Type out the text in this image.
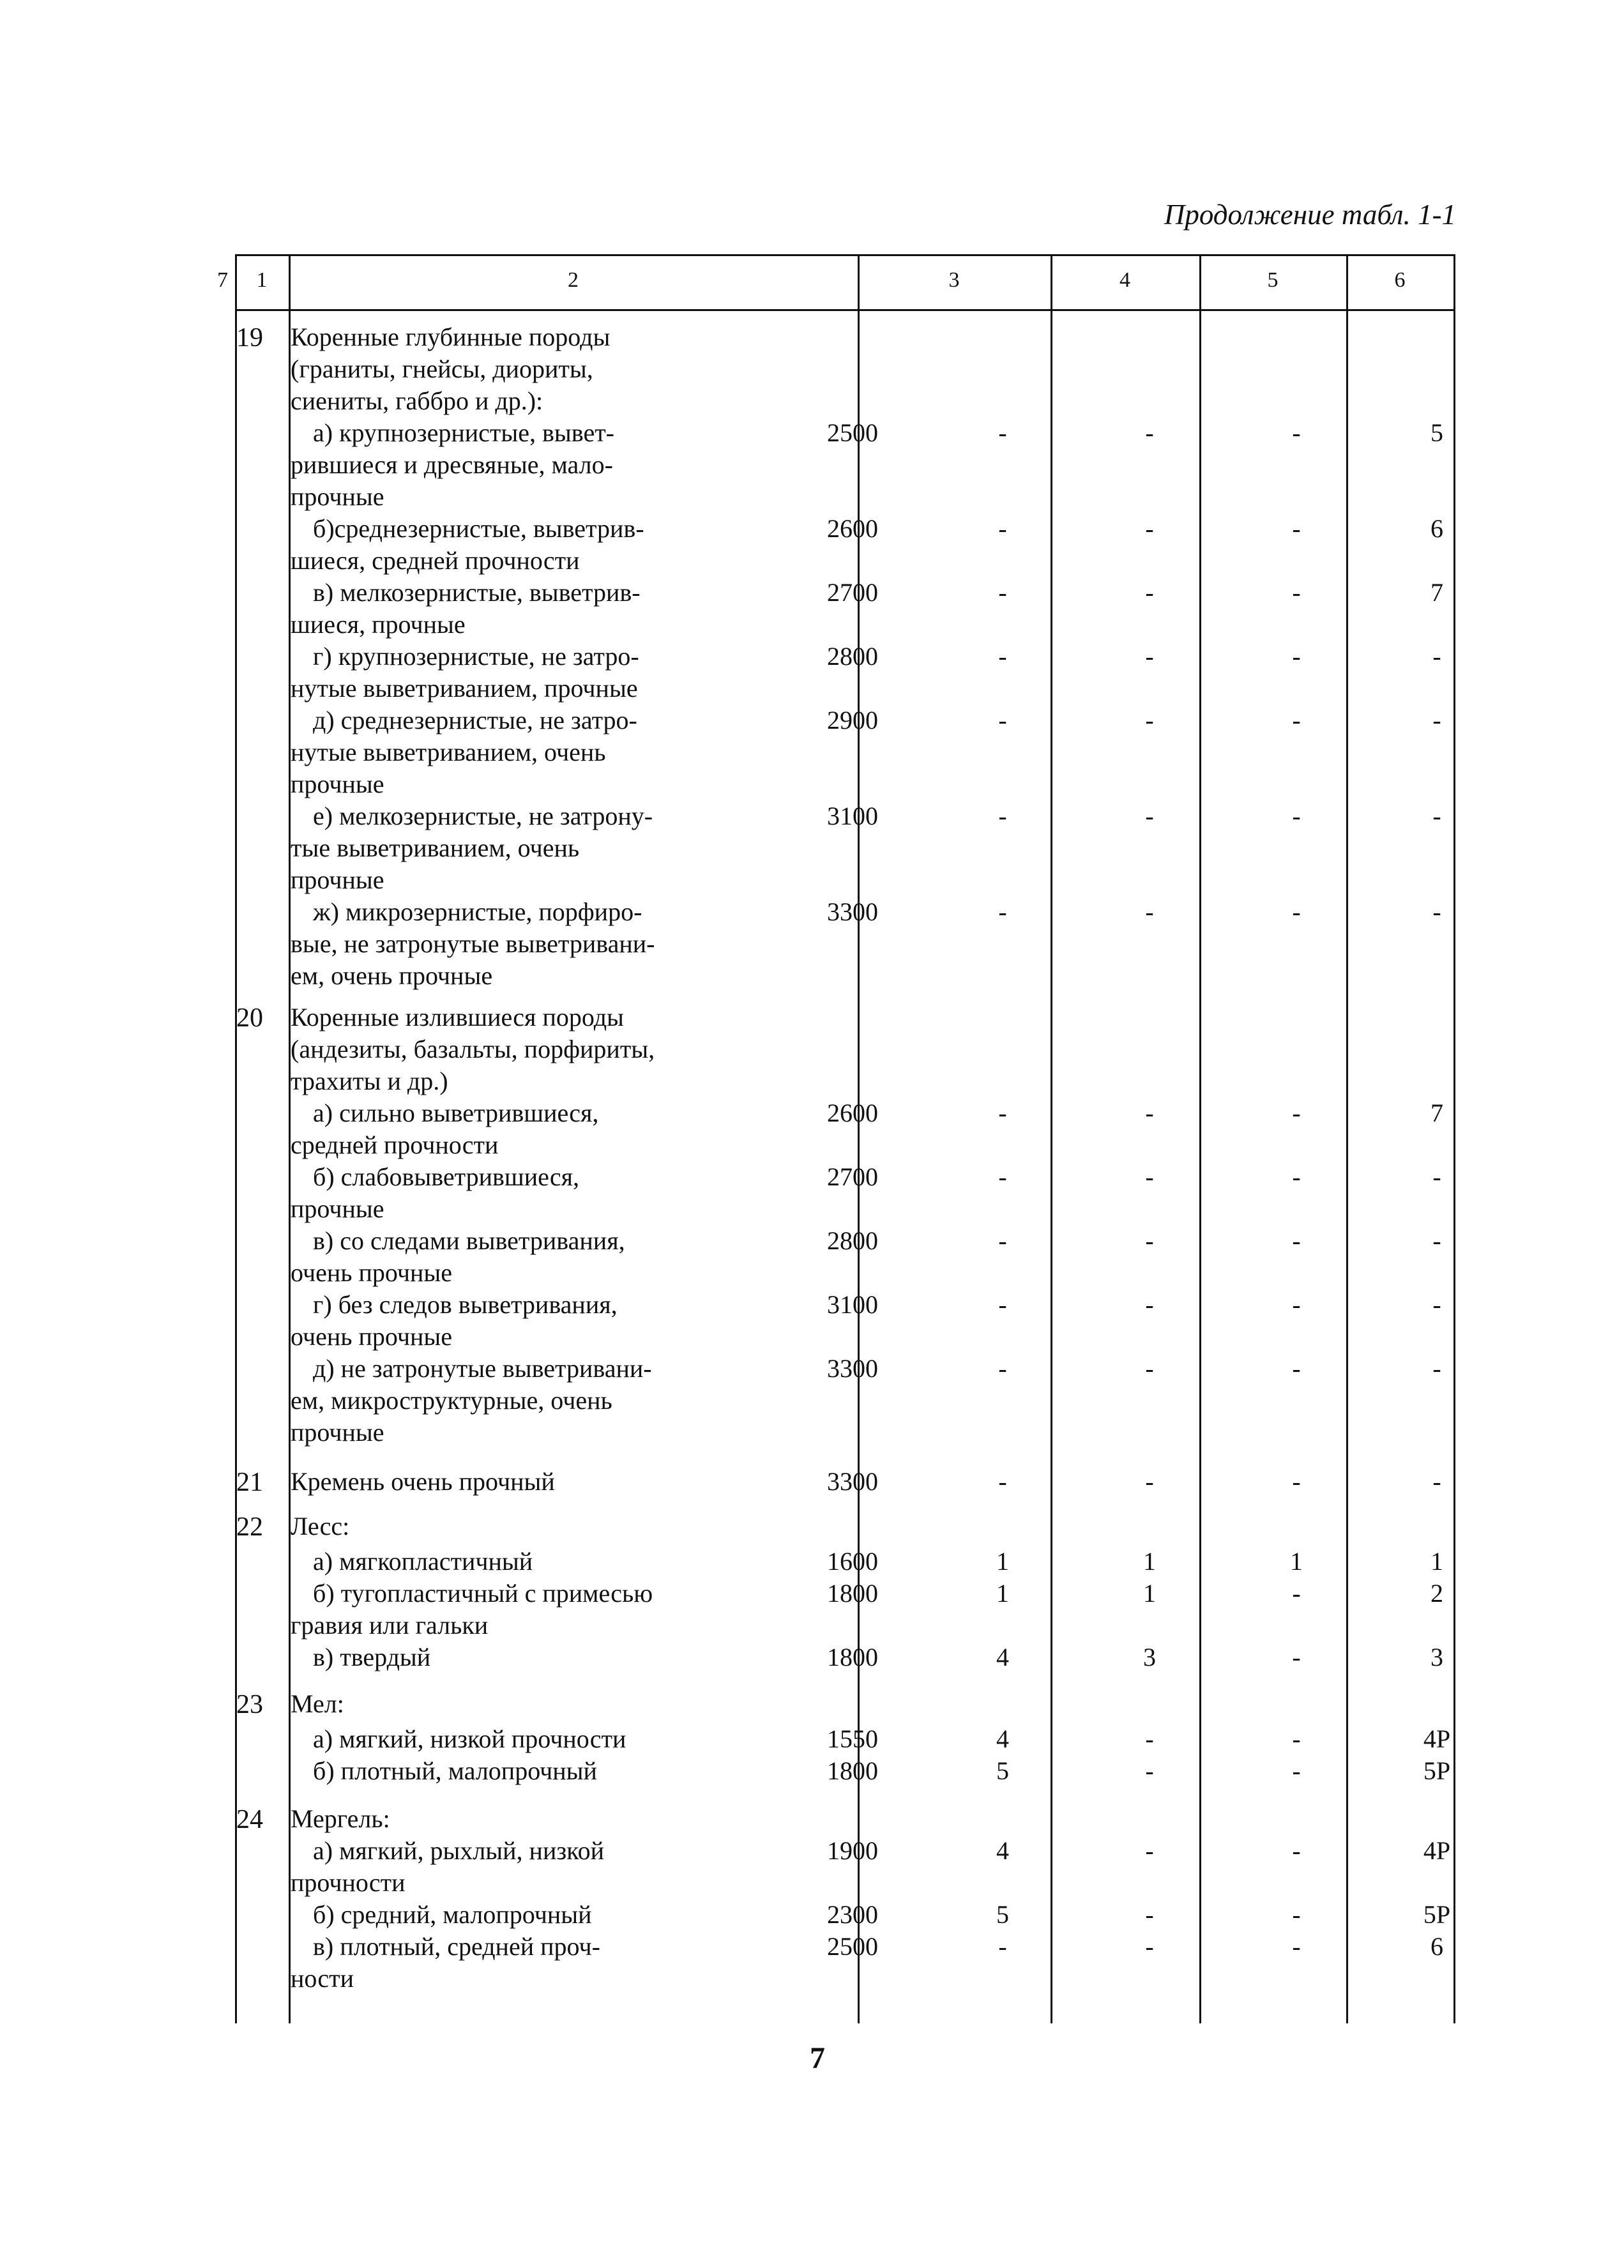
Продолжение табл. 1-1
1	2	3	4	5	6
7
19	Коренные глубинные породы
(граниты, гнейсы, диориты,
сиениты, габбро и др.):
а) крупнозернистые, вывет-
рившиеся и дресвяные, мало-
прочные
2500	-	-	-	5
б)среднезернистые, выветрив-
шиеся, средней прочности
2600	-	-	-	6
в) мелкозернистые, выветрив-
шиеся, прочные
2700	-	-	-	7
г) крупнозернистые, не затро-
нутые выветриванием, прочные
2800	-	-	-	-
д) среднезернистые, не затро-
нутые выветриванием, очень
прочные
2900	-	-	-	-
е) мелкозернистые, не затрону-
тые выветриванием, очень
прочные
3100	-	-	-	-
ж) микрозернистые, порфиро-
вые, не затронутые выветривани-
ем, очень прочные
3300	-	-	-	-
20	Коренные излившиеся породы
(андезиты, базальты, порфириты,
трахиты и др.)
а) сильно выветрившиеся,
средней прочности
2600	-	-	-	7
б) слабовыветрившиеся,
прочные
2700	-	-	-	-
в) со следами выветривания,
очень прочные
2800	-	-	-	-
г) без следов выветривания,
очень прочные
3100	-	-	-	-
д) не затронутые выветривани-
ем, микроструктурные, очень
прочные
3300	-	-	-	-
21	Кремень очень прочный	3300	-	-	-	-
22	Лесс:
а) мягкопластичный	1600	1	1	1	1
б) тугопластичный с примесью
гравия или гальки
1800	1	1	-	2
в) твердый	1800	4	3	-	3
23	Мел:
а) мягкий, низкой прочности	1550	4	-	-	4Р
б) плотный, малопрочный	1800	5	-	-	5Р
24	Мергель:
а) мягкий, рыхлый, низкой
прочности
1900	4	-	-	4Р
б) средний, малопрочный	2300	5	-	-	5Р
в) плотный, средней проч-
ности
2500	-	-	-	6
7
